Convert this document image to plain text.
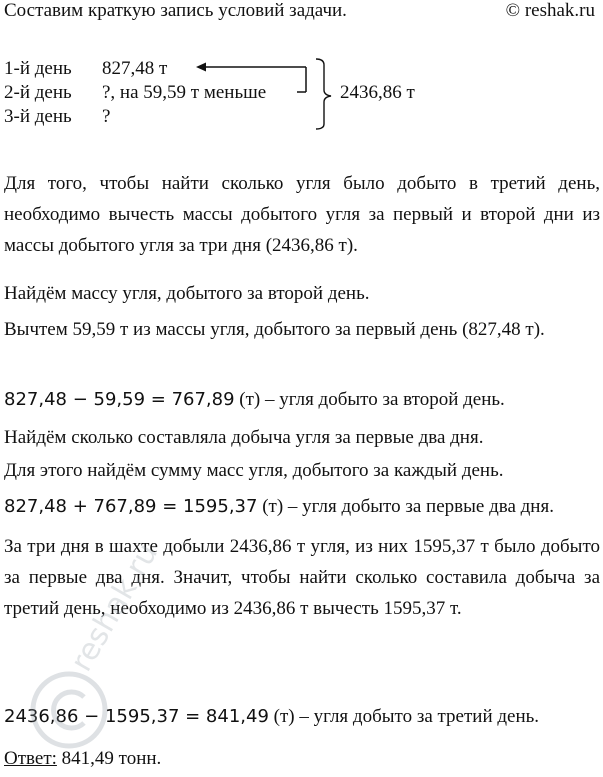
Составим краткую запись условий задачи.	© reshak.ru
1-й день 827,48 т
2-й день ?, на 59,59 т меньше
3-й день ?
2436,86 т
Для того, чтобы найти сколько угля было добыто в третий день, необходимо вычесть массы добытого угля за первый и второй дни из массы добытого угля за три дня (2436,86 т).
Найдём массу угля, добытого за второй день.
Вычтем 59,59 т из массы угля, добытого за первый день (827,48 т).
827,48 − 59,59 = 767,89 (т) – угля добыто за второй день.
Найдём сколько составляла добыча угля за первые два дня.
Для этого найдём сумму масс угля, добытого за каждый день.
827,48 + 767,89 = 1595,37 (т) – угля добыто за первые два дня.
За три дня в шахте добыли 2436,86 т угля, из них 1595,37 т было добыто за первые два дня. Значит, чтобы найти сколько составила добыча за третий день, необходимо из 2436,86 т вычесть 1595,37 т.
2436,86 − 1595,37 = 841,49 (т) – угля добыто за третий день.
Ответ: 841,49 тонн.
reshak.ru
